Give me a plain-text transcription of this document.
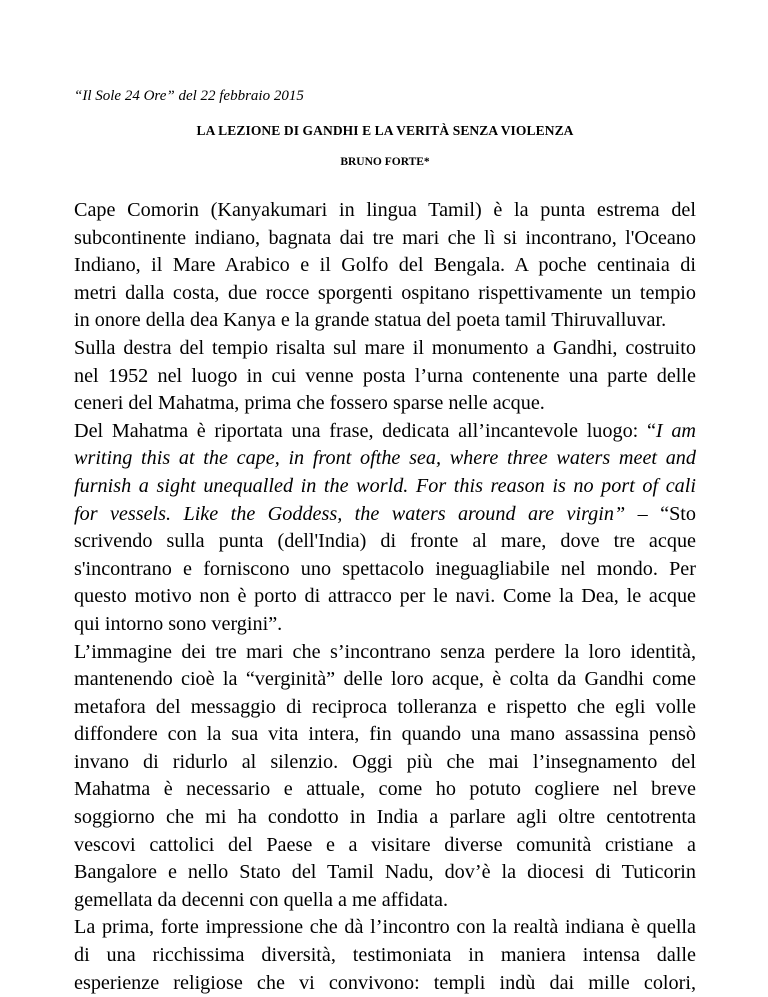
“Il Sole 24 Ore” del 22 febbraio 2015
LA LEZIONE DI GANDHI E LA VERITÀ SENZA VIOLENZA
BRUNO FORTE*
Cape Comorin (Kanyakumari in lingua Tamil) è la punta estrema del
subcontinente indiano, bagnata dai tre mari che lì si incontrano, l'Oceano
Indiano, il Mare Arabico e il Golfo del Bengala. A poche centinaia di
metri dalla costa, due rocce sporgenti ospitano rispettivamente un tempio
in onore della dea Kanya e la grande statua del poeta tamil Thiruvalluvar.
Sulla destra del tempio risalta sul mare il monumento a Gandhi, costruito
nel 1952 nel luogo in cui venne posta l’urna contenente una parte delle
ceneri del Mahatma, prima che fossero sparse nelle acque.
Del Mahatma è riportata una frase, dedicata all’incantevole luogo: “I am
writing this at the cape, in front ofthe sea, where three waters meet and
furnish a sight unequalled in the world. For this reason is no port of cali
for vessels. Like the Goddess, the waters around are virgin” – “Sto
scrivendo sulla punta (dell'India) di fronte al mare, dove tre acque
s'incontrano e forniscono uno spettacolo ineguagliabile nel mondo. Per
questo motivo non è porto di attracco per le navi. Come la Dea, le acque
qui intorno sono vergini”.
L’immagine dei tre mari che s’incontrano senza perdere la loro identità,
mantenendo cioè la “verginità” delle loro acque, è colta da Gandhi come
metafora del messaggio di reciproca tolleranza e rispetto che egli volle
diffondere con la sua vita intera, fin quando una mano assassina pensò
invano di ridurlo al silenzio. Oggi più che mai l’insegnamento del
Mahatma è necessario e attuale, come ho potuto cogliere nel breve
soggiorno che mi ha condotto in India a parlare agli oltre centotrenta
vescovi cattolici del Paese e a visitare diverse comunità cristiane a
Bangalore e nello Stato del Tamil Nadu, dov’è la diocesi di Tuticorin
gemellata da decenni con quella a me affidata.
La prima, forte impressione che dà l’incontro con la realtà indiana è quella
di una ricchissima diversità, testimoniata in maniera intensa dalle
esperienze religiose che vi convivono: templi indù dai mille colori,
